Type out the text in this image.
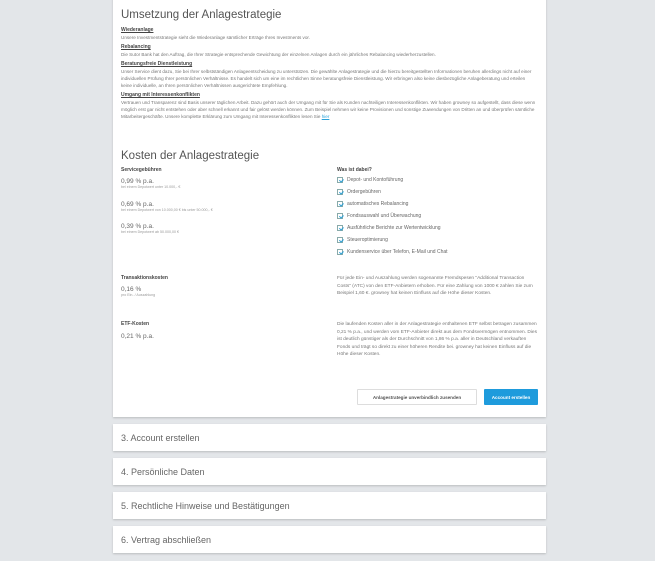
Umsetzung der Anlagestrategie
Wiederanlage
Unsere Investmentstrategie sieht die Wiederanlage sämtlicher Erträge Ihres Investments vor.
Rebalancing
Die Sutor Bank hat den Auftrag, die Ihrer Strategie entsprechende Gewichtung der einzelnen Anlagen durch ein jährliches Rebalancing wiederherzustellen.
Beratungsfreie Dienstleistung
Unser Service dient dazu, Sie bei Ihrer selbstständigen Anlageentscheidung zu unterstützen. Die gewählte Anlagestrategie und die hierzu bereitgestellten Informationen beruhen allerdings nicht auf einer individuellen Prüfung Ihrer persönlichen Verhältnisse. Es handelt sich um eine im rechtlichen Sinne beratungsfreie Dienstleistung. Wir erbringen also keine diesbezügliche Anlageberatung und erteilen keine individuelle, an Ihren persönlichen Verhältnissen ausgerichtete Empfehlung.
Umgang mit Interessenkonflikten
Vertrauen und Transparenz sind Basis unserer täglichen Arbeit. Dazu gehört auch der Umgang mit für Sie als Kunden nachteiligen Interessenkonflikten. Wir haben growney so aufgestellt, dass diese wenn möglich erst gar nicht entstehen oder aber schnell erkannt und fair gelöst werden können. Zum Beispiel nehmen wir keine Provisionen und sonstige Zuwendungen von Dritten an und überprüfen sämtliche Mitarbeitergeschäfte. Unsere komplette Erklärung zum Umgang mit Interessenkonflikten lesen Sie hier
Kosten der Anlagestrategie
Servicegebühren
0,99 % p.a.
bei einem Depotwert unter 10.000,- €
0,69 % p.a.
bei einem Depotwert von 10.000,00 € bis unter 50.000,- €
0,39 % p.a.
bei einem Depotwert ab 50.000,00 €
Was ist dabei?
Depot- und Kontoführung
Ordergebühren
automatisches Rebalancing
Fondsauswahl und Überwachung
Ausführliche Berichte zur Wertentwicklung
Steueroptimierung
Kundenservice über Telefon, E-Mail und Chat
Transaktionskosten
0,16 %
pro Ein- / Auszahlung
Für jede Ein- und Auszahlung werden sogenannte Fremdspesen "Additional Transaction Costs" (ATC) von den ETF-Anbietern erhoben. Für eine Zahlung von 1000 € zahlen Sie zum Beispiel 1,60 €. growney hat keinen Einfluss auf die Höhe dieser Kosten.
ETF-Kosten
0,21 % p.a.
Die laufenden Kosten aller in der Anlagestrategie enthaltenen ETF selbst betragen zusammen 0,21 % p.a., und werden vom ETF-Anbieter direkt aus dem Fondsvermögen entnommen. Dies ist deutlich günstiger als der Durchschnitt von 1,86 % p.a. aller in Deutschland verkauften Fonds und trägt so direkt zu einer höheren Rendite bei. growney hat keinen Einfluss auf die Höhe dieser Kosten.
Anlagestrategie unverbindlich zusenden	Account erstellen
3. Account erstellen
4. Persönliche Daten
5. Rechtliche Hinweise und Bestätigungen
6. Vertrag abschließen
